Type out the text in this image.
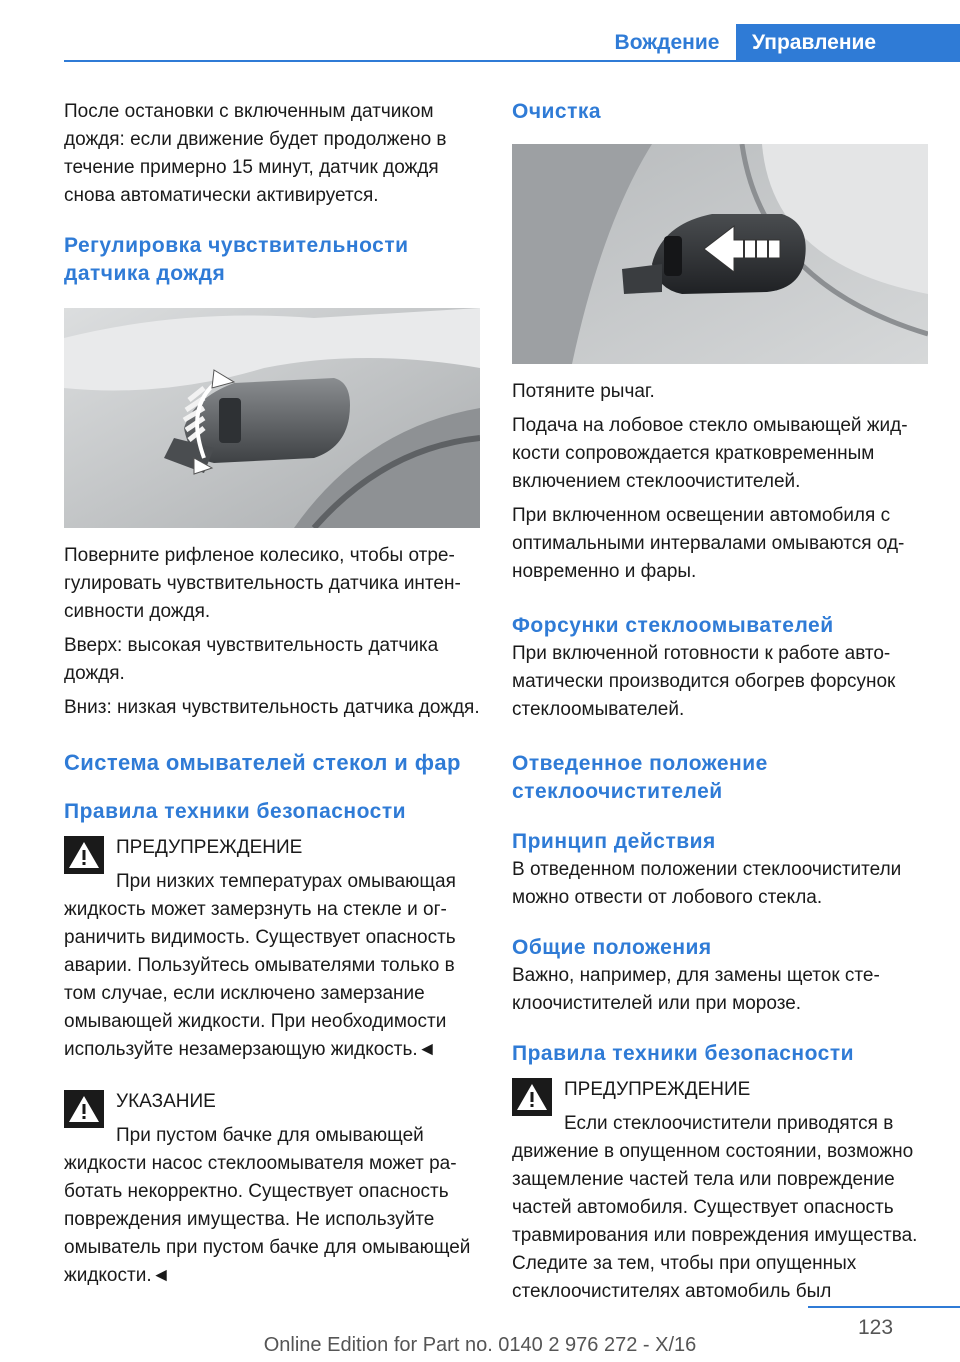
Вождение	Управление

После остановки с включенным датчиком дождя: если движение будет продолжено в течение примерно 15 минут, датчик дождя снова автоматически активируется.

Регулировка чувствительности датчика дождя

Поверните рифленое колесико, чтобы отрегулировать чувствительность датчика интенсивности дождя.

Вверх: высокая чувствительность датчика дождя.

Вниз: низкая чувствительность датчика дождя.

Система омывателей стекол и фар
Правила техники безопасности

ПРЕДУПРЕЖДЕНИЕ

При низких температурах омывающая

жидкость может замерзнуть на стекле и ограничить видимость. Существует опасность аварии. Пользуйтесь омывателями только в том случае, если исключено замерзание омывающей жидкости. При необходимости используйте незамерзающую жидкость.◄

УКАЗАНИЕ

При пустом бачке для омывающей

жидкости насос стеклоомывателя может работать некорректно. Существует опасность повреждения имущества. Не используйте омыватель при пустом бачке для омывающей жидкости.◄

Очистка

Потяните рычаг.

Подача на лобовое стекло омывающей жидкости сопровождается кратковременным включением стеклоочистителей.

При включенном освещении автомобиля с оптимальными интервалами омываются одновременно и фары.

Форсунки стеклоомывателей

При включенной готовности к работе автоматически производится обогрев форсунок стеклоомывателей.

Отведенное положение стеклоочистителей
Принцип действия

В отведенном положении стеклоочистители можно отвести от лобового стекла.

Общие положения

Важно, например, для замены щеток стеклоочистителей или при морозе.

Правила техники безопасности

ПРЕДУПРЕЖДЕНИЕ

Если стеклоочистители приводятся в

движение в опущенном состоянии, возможно защемление частей тела или повреждение частей автомобиля. Существует опасность травмирования или повреждения имущества. Следите за тем, чтобы при опущенных стеклоочистителях автомобиль был

123
Online Edition for Part no. 0140 2 976 272 - X/16
